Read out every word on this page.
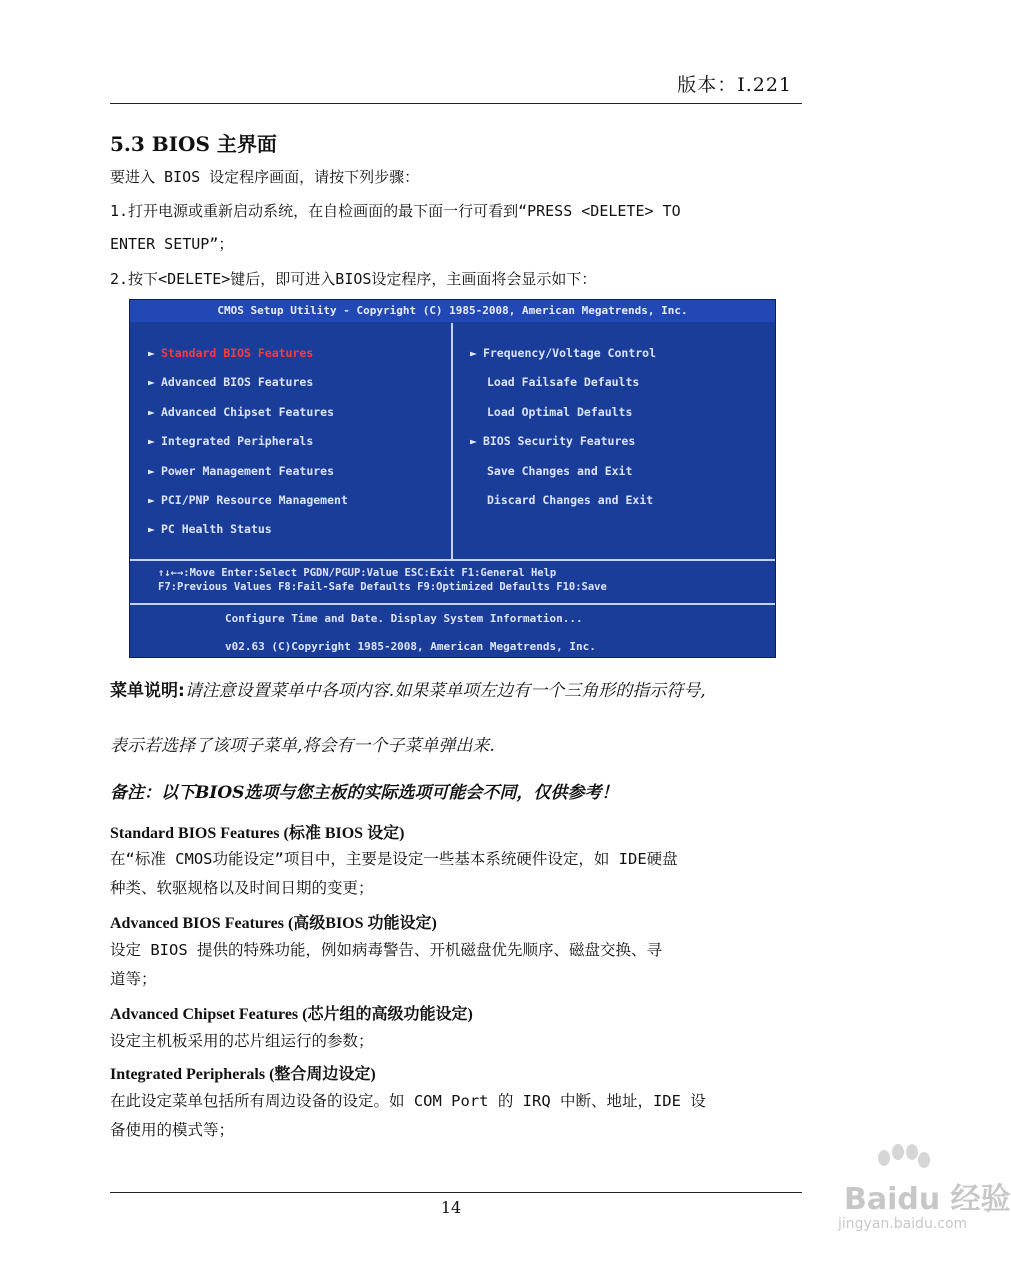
版本：I.221
5.3 BIOS 主界面
要进入 BIOS 设定程序画面，请按下列步骤：
1.打开电源或重新启动系统，在自检画面的最下面一行可看到“PRESS <DELETE> TO
ENTER SETUP”；
2.按下<DELETE>键后，即可进入BIOS设定程序，主画面将会显示如下：
CMOS Setup Utility - Copyright (C) 1985-2008, American Megatrends, Inc.
► Standard BIOS Features
► Advanced BIOS Features
► Advanced Chipset Features
► Integrated Peripherals
► Power Management Features
► PCI/PNP Resource Management
► PC Health Status
► Frequency/Voltage Control
Load Failsafe Defaults
Load Optimal Defaults
► BIOS Security Features
Save Changes and Exit
Discard Changes and Exit
↑↓←→:Move Enter:Select PGDN/PGUP:Value ESC:Exit F1:General Help
F7:Previous Values F8:Fail-Safe Defaults F9:Optimized Defaults F10:Save
Configure Time and Date. Display System Information...
v02.63 (C)Copyright 1985-2008, American Megatrends, Inc.
菜单说明:请注意设置菜单中各项内容.如果菜单项左边有一个三角形的指示符号,
表示若选择了该项子菜单,将会有一个子菜单弹出来.
备注：以下BIOS选项与您主板的实际选项可能会不同，仅供参考！
Standard BIOS Features (标准 BIOS 设定)
在“标准 CMOS功能设定”项目中，主要是设定一些基本系统硬件设定，如 IDE硬盘
种类、软驱规格以及时间日期的变更；
Advanced BIOS Features (高级BIOS 功能设定)
设定 BIOS 提供的特殊功能，例如病毒警告、开机磁盘优先顺序、磁盘交换、寻
道等；
Advanced Chipset Features (芯片组的高级功能设定)
设定主机板采用的芯片组运行的参数；
Integrated Peripherals (整合周边设定)
在此设定菜单包括所有周边设备的设定。如 COM Port 的 IRQ 中断、地址，IDE 设
备使用的模式等；
14	Baidu 经验
jingyan.baidu.com
